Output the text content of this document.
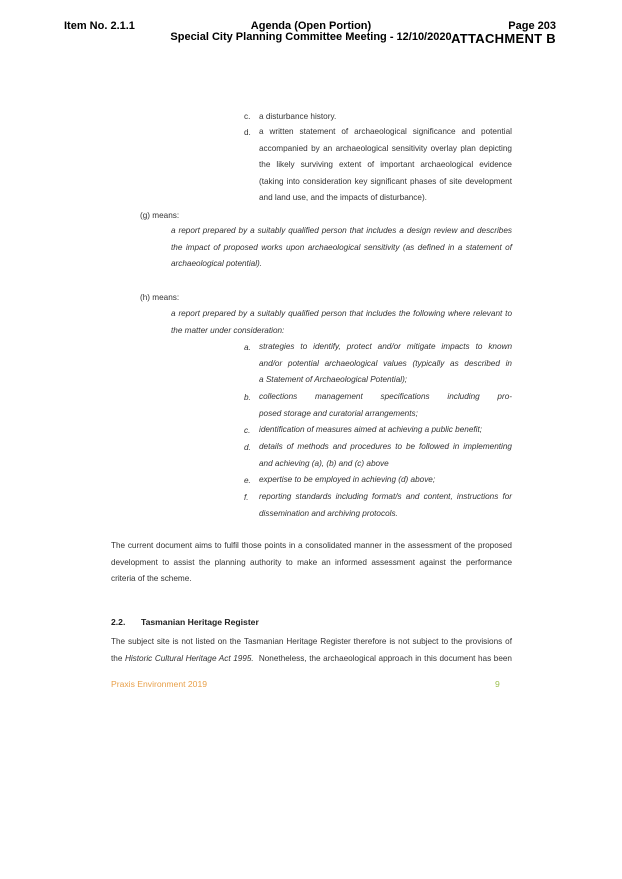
Item No. 2.1.1	Agenda (Open Portion)
Special City Planning Committee Meeting - 12/10/2020
Page 203
ATTACHMENT B
c. a disturbance history.
d. a written statement of archaeological significance and potential
accompanied by an archaeological sensitivity overlay plan depicting
the likely surviving extent of important archaeological evidence
(taking into consideration key significant phases of site development
and land use, and the impacts of disturbance).
(g) means:
a report prepared by a suitably qualified person that includes a design review and describes
the impact of proposed works upon archaeological sensitivity (as defined in a statement of
archaeological potential).
(h) means:
a report prepared by a suitably qualified person that includes the following where relevant to
the matter under consideration:
a. strategies to identify, protect and/or mitigate impacts to known
and/or potential archaeological values (typically as described in
a Statement of Archaeological Potential);
b. collections management specifications including pro-
posed storage and curatorial arrangements;
c. identification of measures aimed at achieving a public benefit;
d. details of methods and procedures to be followed in implementing
and achieving (a), (b) and (c) above
e. expertise to be employed in achieving (d) above;
f. reporting standards including format/s and content, instructions for
dissemination and archiving protocols.
The current document aims to fulfil those points in a consolidated manner in the assessment of the proposed
development to assist the planning authority to make an informed assessment against the performance
criteria of the scheme.
2.2. Tasmanian Heritage Register
The subject site is not listed on the Tasmanian Heritage Register therefore is not subject to the provisions of
the Historic Cultural Heritage Act 1995.  Nonetheless, the archaeological approach in this document has been
Praxis Environment 2019	9
